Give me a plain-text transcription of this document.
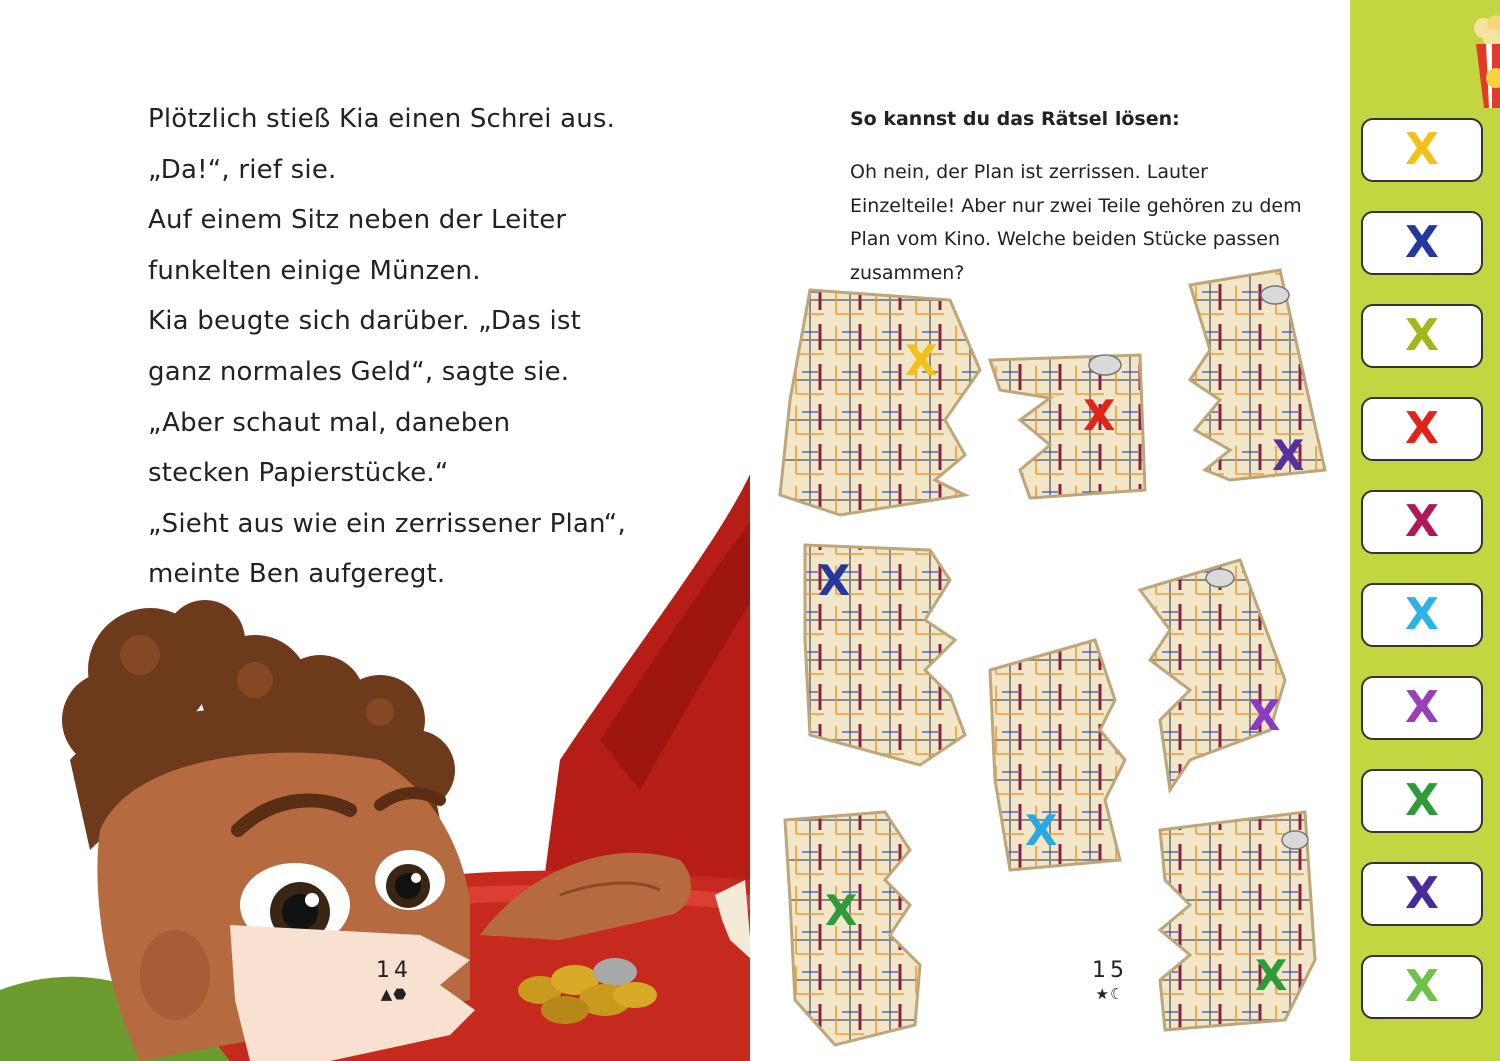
Plötzlich stieß Kia einen Schrei aus.
„Da!“, rief sie.
Auf einem Sitz neben der Leiter
funkelten einige Münzen.
Kia beugte sich darüber. „Das ist
ganz normales Geld“, sagte sie.
„Aber schaut mal, daneben
stecken Papierstücke.“
„Sieht aus wie ein zerrissener Plan“,
meinte Ben aufgeregt.
14
▲⬣

So kannst du das Rätsel lösen:

Oh nein, der Plan ist zerrissen. Lauter Einzelteile! Aber nur zwei Teile gehören zu dem Plan vom Kino. Welche beiden Stücke passen zusammen?

X
X
X
X
X
X
X
X
15
★☾
X
X
X
X
X
X
X
X
X
X
